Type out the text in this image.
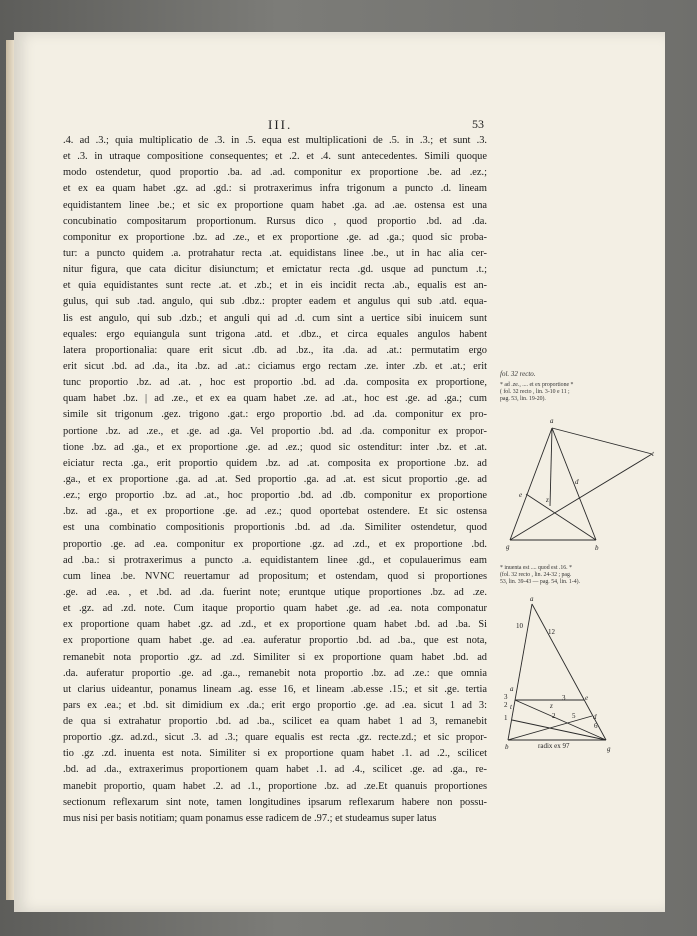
III.	53
.4. ad .3.; quia multiplicatio de .3. in .5. equa est multiplicationi de .5. in .3.; et sunt .3.
et .3. in utraque compositione consequentes; et .2. et .4. sunt antecedentes. Simili quoque
modo ostendetur, quod proportio .ba. ad .ad. componitur ex proportione .be. ad .ez.;
et ex ea quam habet .gz. ad .gd.: si protraxerimus infra trigonum a puncto .d. lineam
equidistantem linee .be.; et sic ex proportione quam habet .ga. ad .ae. ostensa est una
concubinatio compositarum proportionum. Rursus dico , quod proportio .bd. ad .da.
componitur ex proportione .bz. ad .ze., et ex proportione .ge. ad .ga.; quod sic proba-
tur: a puncto quidem .a. protrahatur recta .at. equidistans linee .be., ut in hac alia cer-
nitur figura, que cata dicitur disiunctum; et emictatur recta .gd. usque ad punctum .t.;
et quia equidistantes sunt recte .at. et .zb.; et in eis incidit recta .ab., equalis est an-
gulus, qui sub .tad. angulo, qui sub .dbz.: propter eadem et angulus qui sub .atd. equa-
lis est angulo, qui sub .dzb.; et anguli qui ad .d. cum sint a uertice sibi inuicem sunt
equales: ergo equiangula sunt trigona .atd. et .dbz., et circa equales angulos habent
latera proportionalia: quare erit sicut .db. ad .bz., ita .da. ad .at.: permutatim ergo
erit sicut .bd. ad .da., ita .bz. ad .at.: ciciamus ergo rectam .ze. inter .zb. et .at.; erit
tunc proportio .bz. ad .at. , hoc est proportio .bd. ad .da. composita ex proportione,
quam habet .bz. | ad .ze., et ex ea quam habet .ze. ad .at., hoc est .ge. ad .ga.; cum
simile sit trigonum .gez. trigono .gat.: ergo proportio .bd. ad .da. componitur ex pro-
portione .bz. ad .ze., et .ge. ad .ga. Vel proportio .bd. ad .da. componitur ex propor-
tione .bz. ad .ga., et ex proportione .ge. ad .ez.; quod sic ostenditur: inter .bz. et .at.
eiciatur recta .ga., erit proportio quidem .bz. ad .at. composita ex proportione .bz. ad
.ga., et ex proportione .ga. ad .at. Sed proportio .ga. ad .at. est sicut proportio .ge. ad
.ez.; ergo proportio .bz. ad .at., hoc proportio .bd. ad .db. componitur ex proportione
.bz. ad .ga., et ex proportione .ge. ad .ez.; quod oportebat ostendere. Et sic ostensa
est una combinatio compositionis proportionis .bd. ad .da. Similiter ostendetur, quod
proportio .ge. ad .ea. componitur ex proportione .gz. ad .zd., et ex proportione .bd.
ad .ba.: si protraxerimus a puncto .a. equidistantem linee .gd., et copulauerimus eam
cum linea .be. NVNC reuertamur ad propositum; et ostendam, quod si proportiones
.ge. ad .ea. , et .bd. ad .da. fuerint note; eruntque utique proportiones .bz. ad .ze.
et .gz. ad .zd. note. Cum itaque proportio quam habet .ge. ad .ea. nota componatur
ex proportione quam habet .gz. ad .zd., et ex proportione quam habet .bd. ad .ba. Si
ex proportione quam habet .ge. ad .ea. auferatur proportio .bd. ad .ba., que est nota,
remanebit nota proportio .gz. ad .zd. Similiter si ex proportione quam habet .bd. ad
.da. auferatur proportio .ge. ad .ga.., remanebit nota proportio .bz. ad .ze.: que omnia
ut clarius uideantur, ponamus lineam .ag. esse 16, et lineam .ab.esse .15.; et sit .ge. tertia
pars ex .ea.; et .bd. sit dimidium ex .da.; erit ergo proportio .ge. ad .ea. sicut 1 ad 3:
de qua si extrahatur proportio .bd. ad .ba., scilicet ea quam habet 1 ad 3, remanebit
proportio .gz. ad.zd., sicut .3. ad .3.; quare equalis est recta .gz. recte.zd.; et sic propor-
tio .gz .zd. inuenta est nota. Similiter si ex proportione quam habet .1. ad .2., scilicet
.bd. ad .da., extraxerimus proportionem quam habet .1. ad .4., scilicet .ge. ad .ga., re-
manebit proportio, quam habet .2. ad .1., proportione .bz. ad .ze.Et quanuis proportiones
sectionum reflexarum sint note, tamen longitudines ipsarum reflexarum habere non possu-
mus nisi per basis notitiam; quam ponamus esse radicem de .97.; et studeamus super latus
fol. 32 recto.
* ad .ze., .... et ex proportione *
( fol. 32 recto , lin. 3-10 e 11 ;
pag. 53, lin. 19-20).
* inuenta est .... quod est .16. *
(fol. 32 recto , lin. 24-32 ; pag.
53, lin. 39-43 — pag. 54, lin. 1-4).
a
t
d
e
z
g	b
a
10
12
a
3
2 t
1
3
z
2 5
e
6
d
b	g
radix ex 97
